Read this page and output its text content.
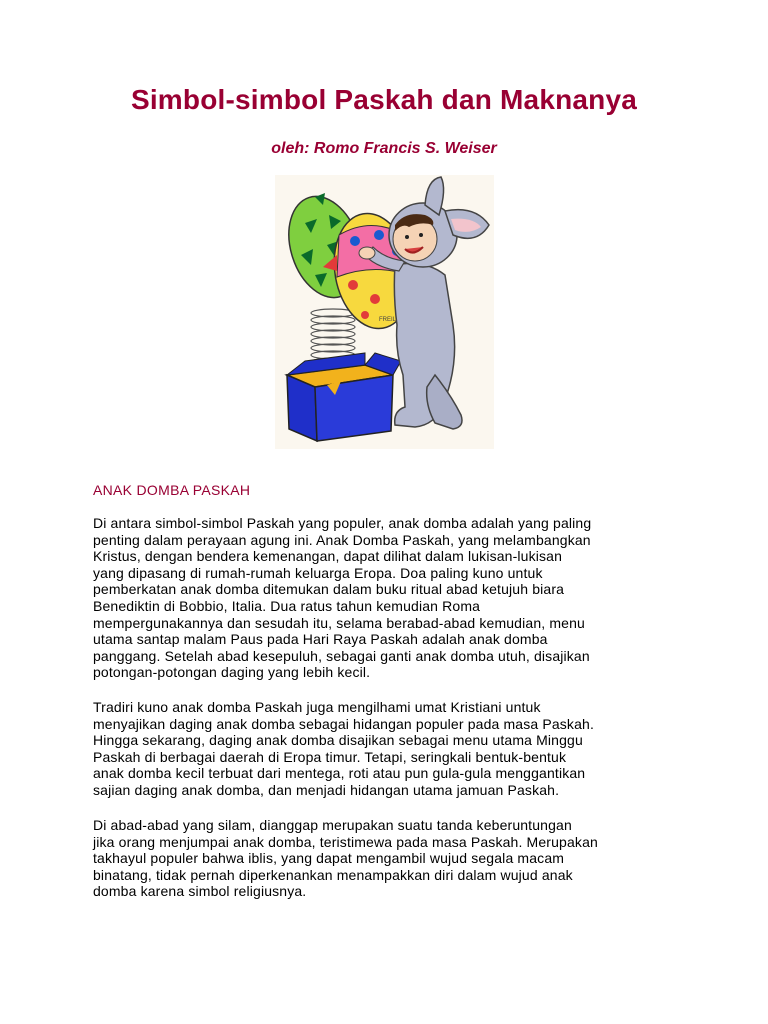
Simbol-simbol Paskah dan Maknanya
oleh: Romo Francis S. Weiser
FREIL
ANAK DOMBA PASKAH
Di antara simbol-simbol Paskah yang populer, anak domba adalah yang paling
penting dalam perayaan agung ini. Anak Domba Paskah, yang melambangkan
Kristus, dengan bendera kemenangan, dapat dilihat dalam lukisan-lukisan
yang dipasang di rumah-rumah keluarga Eropa. Doa paling kuno untuk
pemberkatan anak domba ditemukan dalam buku ritual abad ketujuh biara
Benediktin di Bobbio, Italia. Dua ratus tahun kemudian Roma
mempergunakannya dan sesudah itu, selama berabad-abad kemudian, menu
utama santap malam Paus pada Hari Raya Paskah adalah anak domba
panggang. Setelah abad kesepuluh, sebagai ganti anak domba utuh, disajikan
potongan-potongan daging yang lebih kecil.
Tradiri kuno anak domba Paskah juga mengilhami umat Kristiani untuk
menyajikan daging anak domba sebagai hidangan populer pada masa Paskah.
Hingga sekarang, daging anak domba disajikan sebagai menu utama Minggu
Paskah di berbagai daerah di Eropa timur. Tetapi, seringkali bentuk-bentuk
anak domba kecil terbuat dari mentega, roti atau pun gula-gula menggantikan
sajian daging anak domba, dan menjadi hidangan utama jamuan Paskah.
Di abad-abad yang silam, dianggap merupakan suatu tanda keberuntungan
jika orang menjumpai anak domba, teristimewa pada masa Paskah. Merupakan
takhayul populer bahwa iblis, yang dapat mengambil wujud segala macam
binatang, tidak pernah diperkenankan menampakkan diri dalam wujud anak
domba karena simbol religiusnya.
